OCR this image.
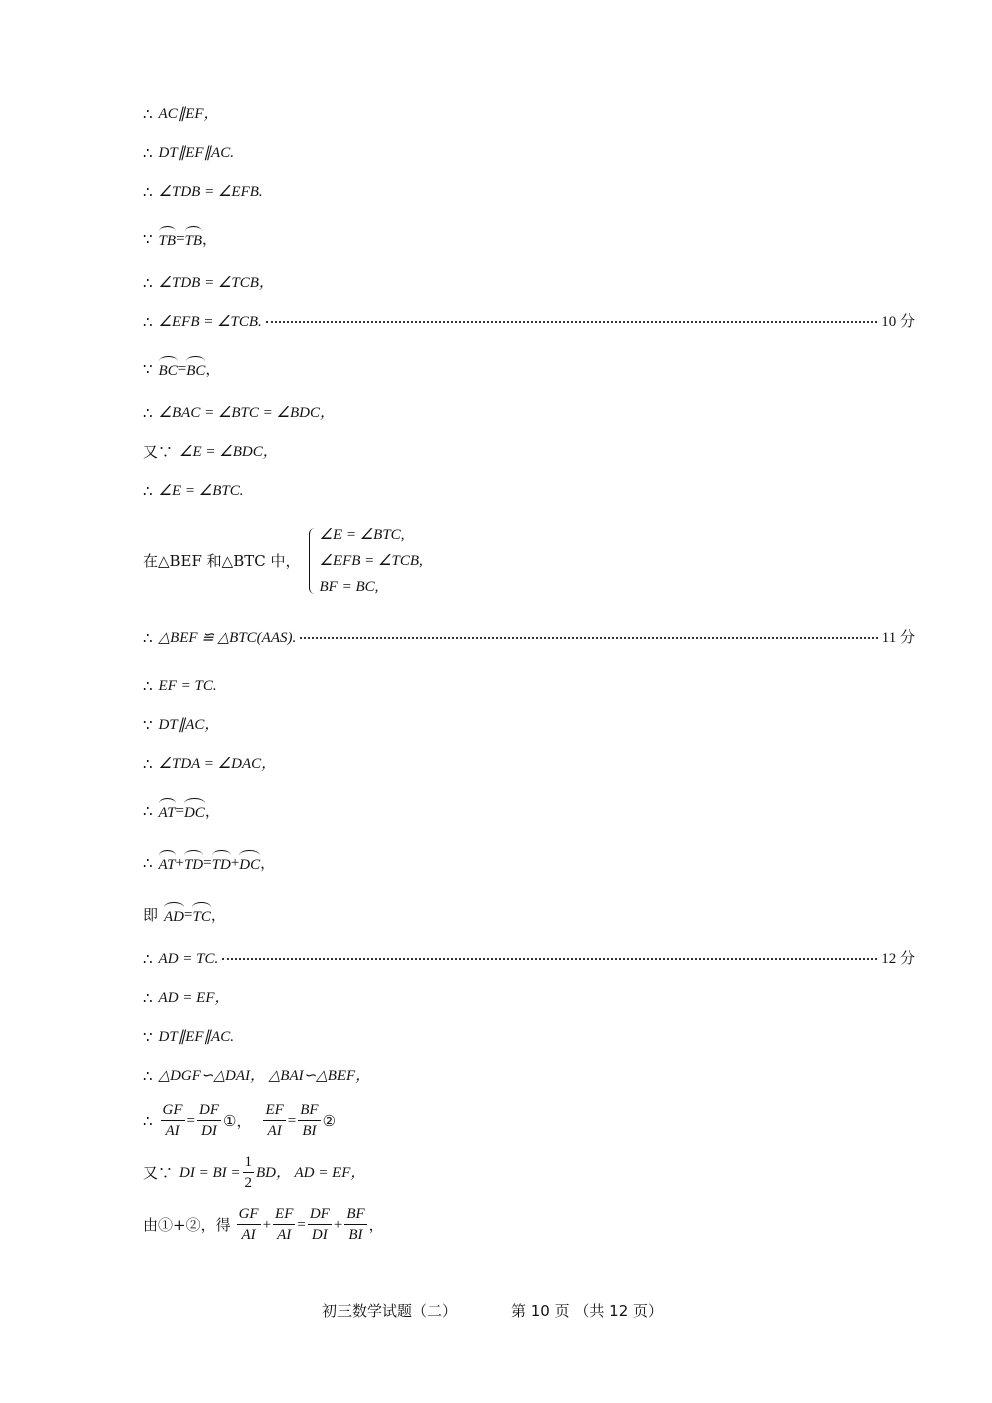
∴ AC∥EF，
∴ DT∥EF∥AC.
∴ ∠TDB = ∠EFB.
∵ TB = TB ，
∴ ∠TDB = ∠TCB，
∴ ∠EFB = ∠TCB.	10 分
∵ BC = BC ，
∴ ∠BAC = ∠BTC = ∠BDC，
又∵ ∠E = ∠BDC，
∴ ∠E = ∠BTC.
在△BEF 和△BTC 中，
∠E = ∠BTC,
∠EFB = ∠TCB,
BF = BC,
∴ △BEF ≌ △BTC(AAS).	11 分
∴ EF = TC.
∵ DT∥AC，
∴ ∠TDA = ∠DAC，
∴ AT = DC ，
∴ AT + TD = TD + DC ，
即 AD = TC ，
∴ AD = TC.	12 分
∴ AD = EF，
∵ DT∥EF∥AC.
∴ △DGF∽△DAI， △BAI∽△BEF，
∴ $\frac{GF}{AI} = \frac{DF}{DI}$ ①， $\frac{EF}{AI} = \frac{BF}{BI}$ ②
又∵ DI = BI = $\frac{1}{2}$ BD， AD = EF，
由①+②，得 $\frac{GF}{AI} + \frac{EF}{AI} = \frac{DF}{DI} + \frac{BF}{BI}$ ，
初三数学试题（二）	第 10 页 （共 12 页）
